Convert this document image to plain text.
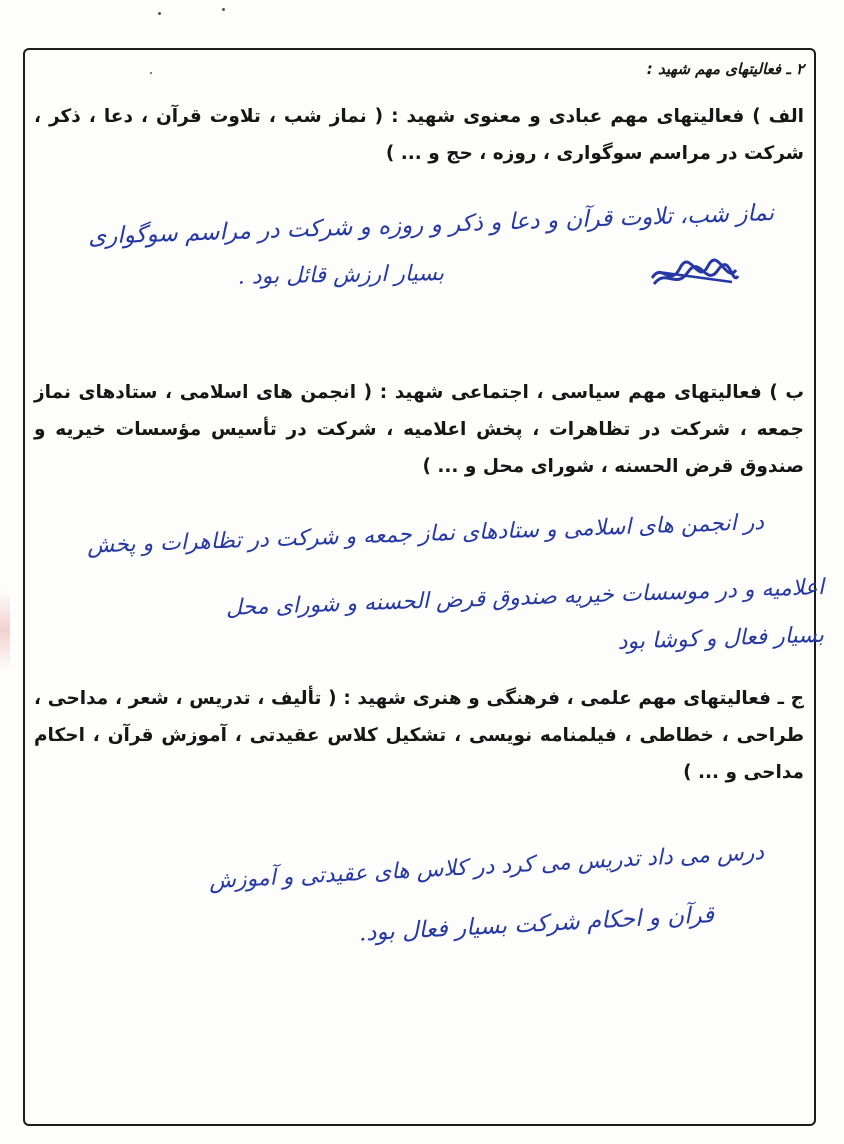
۲ ـ فعالیتهای مهم شهید :
الف ) فعالیتهای مهم عبادی و معنوی شهید : ( نماز شب ، تلاوت قرآن ، دعا ، ذکر ، شرکت در مراسم سوگواری ، روزه ، حج و ... )
نماز شب، تلاوت قرآن و دعا و ذکر و روزه و شرکت در مراسم سوگواری
بسیار ارزش قائل بود .
ب ) فعالیتهای مهم سیاسی ، اجتماعی شهید : ( انجمن های اسلامی ، ستادهای نماز جمعه ، شرکت در تظاهرات ، پخش اعلامیه ، شرکت در تأسیس مؤسسات خیریه و صندوق قرض الحسنه ، شورای محل و ... )
در انجمن های اسلامی و ستادهای نماز جمعه و شرکت در تظاهرات و پخش
اعلامیه و در موسسات خیریه صندوق قرض الحسنه و شورای محل
بسیار فعال و کوشا بود
ج ـ فعالیتهای مهم علمی ، فرهنگی و هنری شهید : ( تألیف ، تدریس ، شعر ، مداحی ، طراحی ، خطاطی ، فیلمنامه نویسی ، تشکیل کلاس عقیدتی ، آموزش قرآن ، احکام مداحی و ... )
درس می داد تدریس می کرد در کلاس های عقیدتی و آموزش
قرآن و احکام شرکت بسیار فعال بود.
